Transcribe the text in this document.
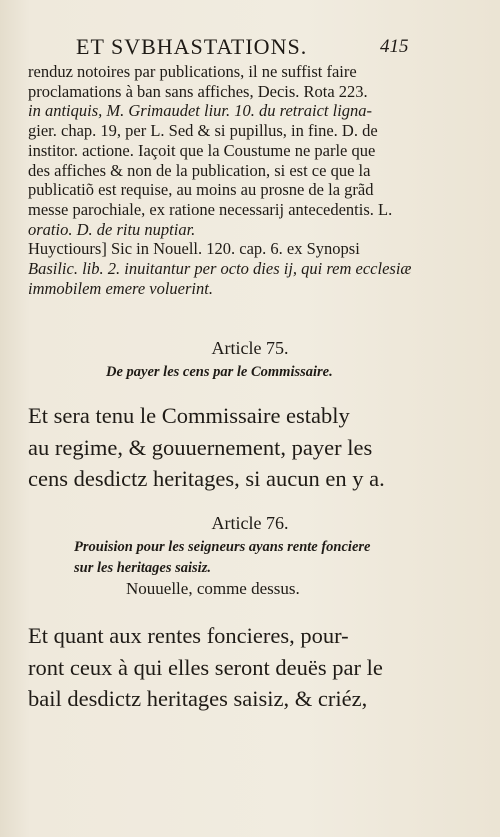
ET SVBHASTATIONS.	415
renduz notoires par publications, il ne suffist faire
proclamations à ban sans affiches, Decis. Rota 223.
in antiquis, M. Grimaudet liur. 10. du retraict ligna-
gier. chap. 19, per L. Sed & si pupillus, in fine. D. de
institor. actione. Iaçoit que la Coustume ne parle que
des affiches & non de la publication, si est ce que la
publicatiõ est requise, au moins au prosne de la grãd
messe parochiale, ex ratione necessarij antecedentis. L.
oratio. D. de ritu nuptiar.
Huyctiours] Sic in Nouell. 120. cap. 6. ex Synopsi
Basilic. lib. 2. inuitantur per octo dies ij, qui rem ecclesiæ
immobilem emere voluerint.
Article 75.
De payer les cens par le Commissaire.
Et sera tenu le Commissaire estably
au regime, & gouuernement, payer les
cens desdictz heritages, si aucun en y a.
Article 76.
Prouision pour les seigneurs ayans rente fonciere
sur les heritages saisiz.
Nouuelle, comme dessus.
Et quant aux rentes foncieres, pour-
ront ceux à qui elles seront deuës par le
bail desdictz heritages saisiz, & criéz,
